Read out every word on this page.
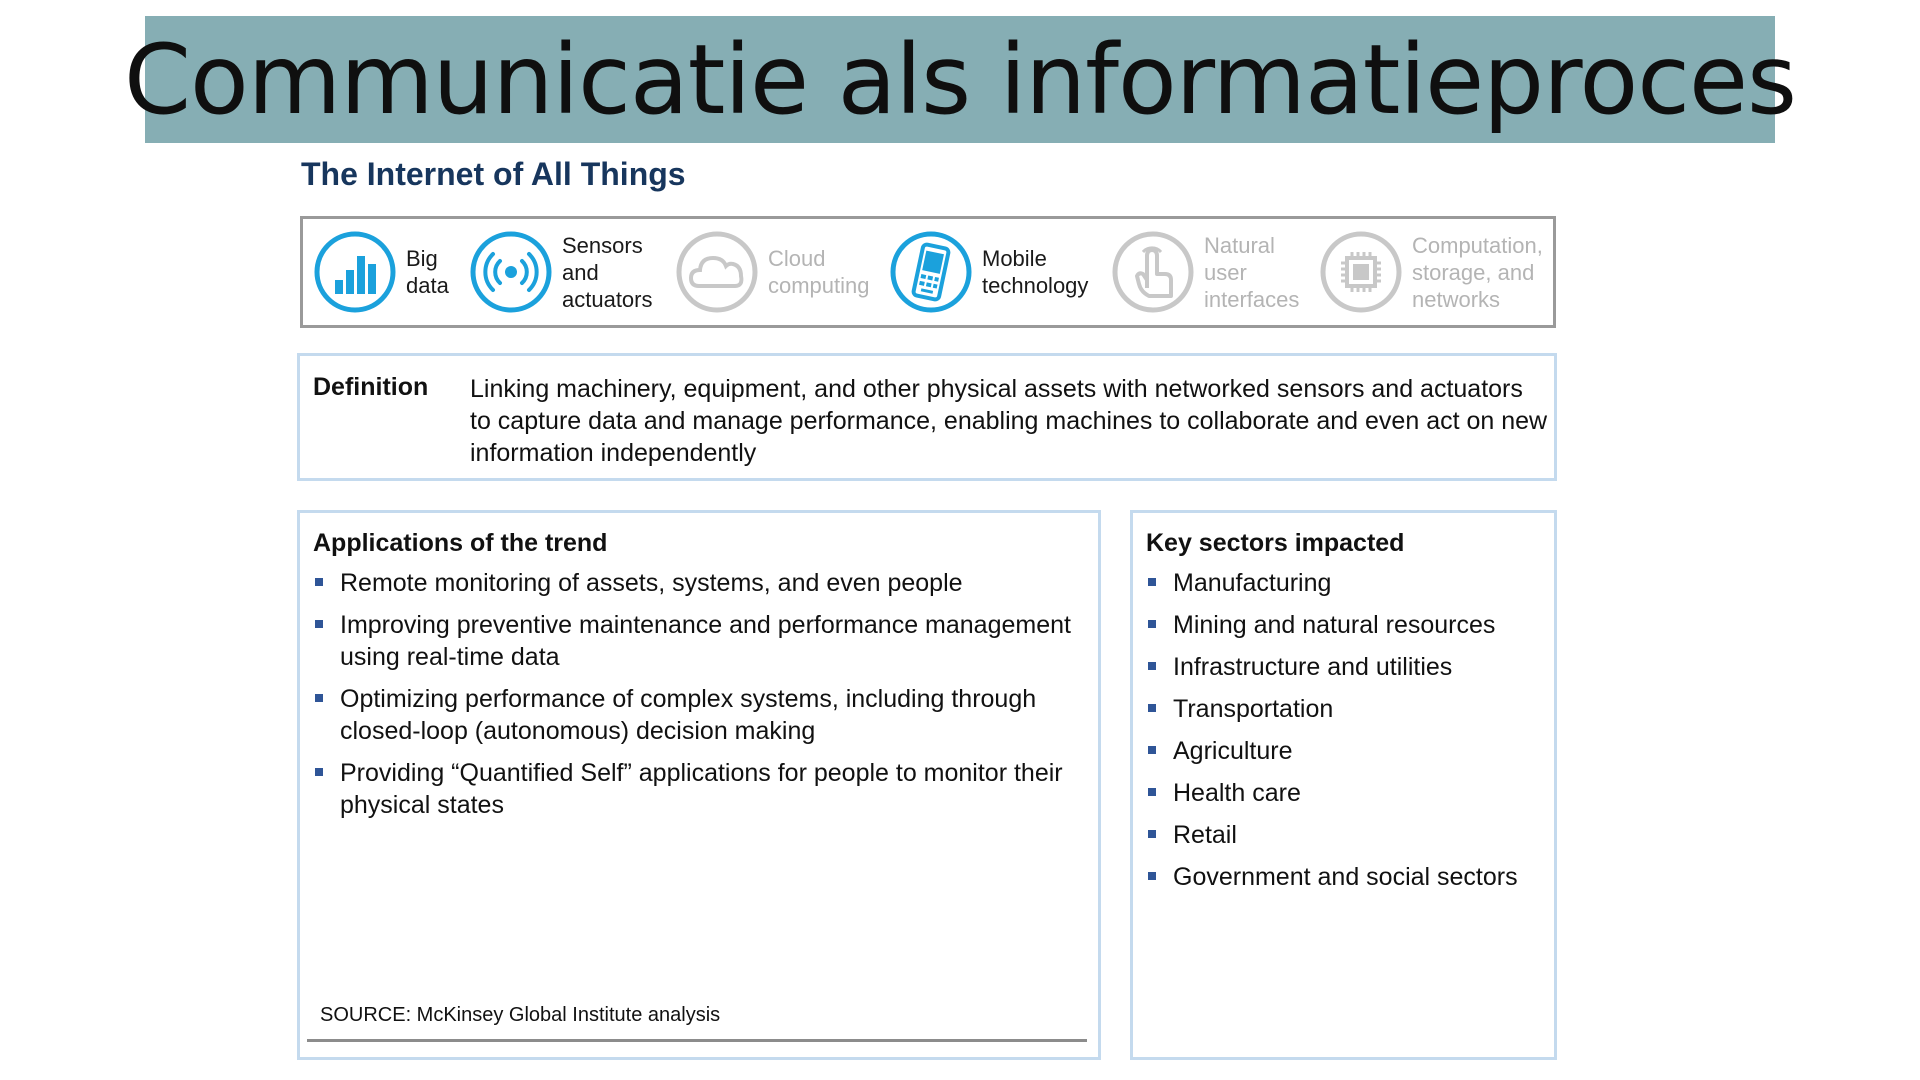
Communicatie als informatieproces
The Internet of All Things
Big
data
Sensors
and
actuators
Cloud
computing
Mobile
technology
Natural
user
interfaces
Computation,
storage, and
networks
Definition Linking machinery, equipment, and other physical assets with networked sensors and actuators to capture data and manage performance, enabling machines to collaborate and even act on new information independently
Applications of the trend
Remote monitoring of assets, systems, and even people
Improving preventive maintenance and performance management using real-time data
Optimizing performance of complex systems, including through closed-loop (autonomous) decision making
Providing “Quantified Self” applications for people to monitor their physical states
SOURCE: McKinsey Global Institute analysis
Key sectors impacted
Manufacturing
Mining and natural resources
Infrastructure and utilities
Transportation
Agriculture
Health care
Retail
Government and social sectors
